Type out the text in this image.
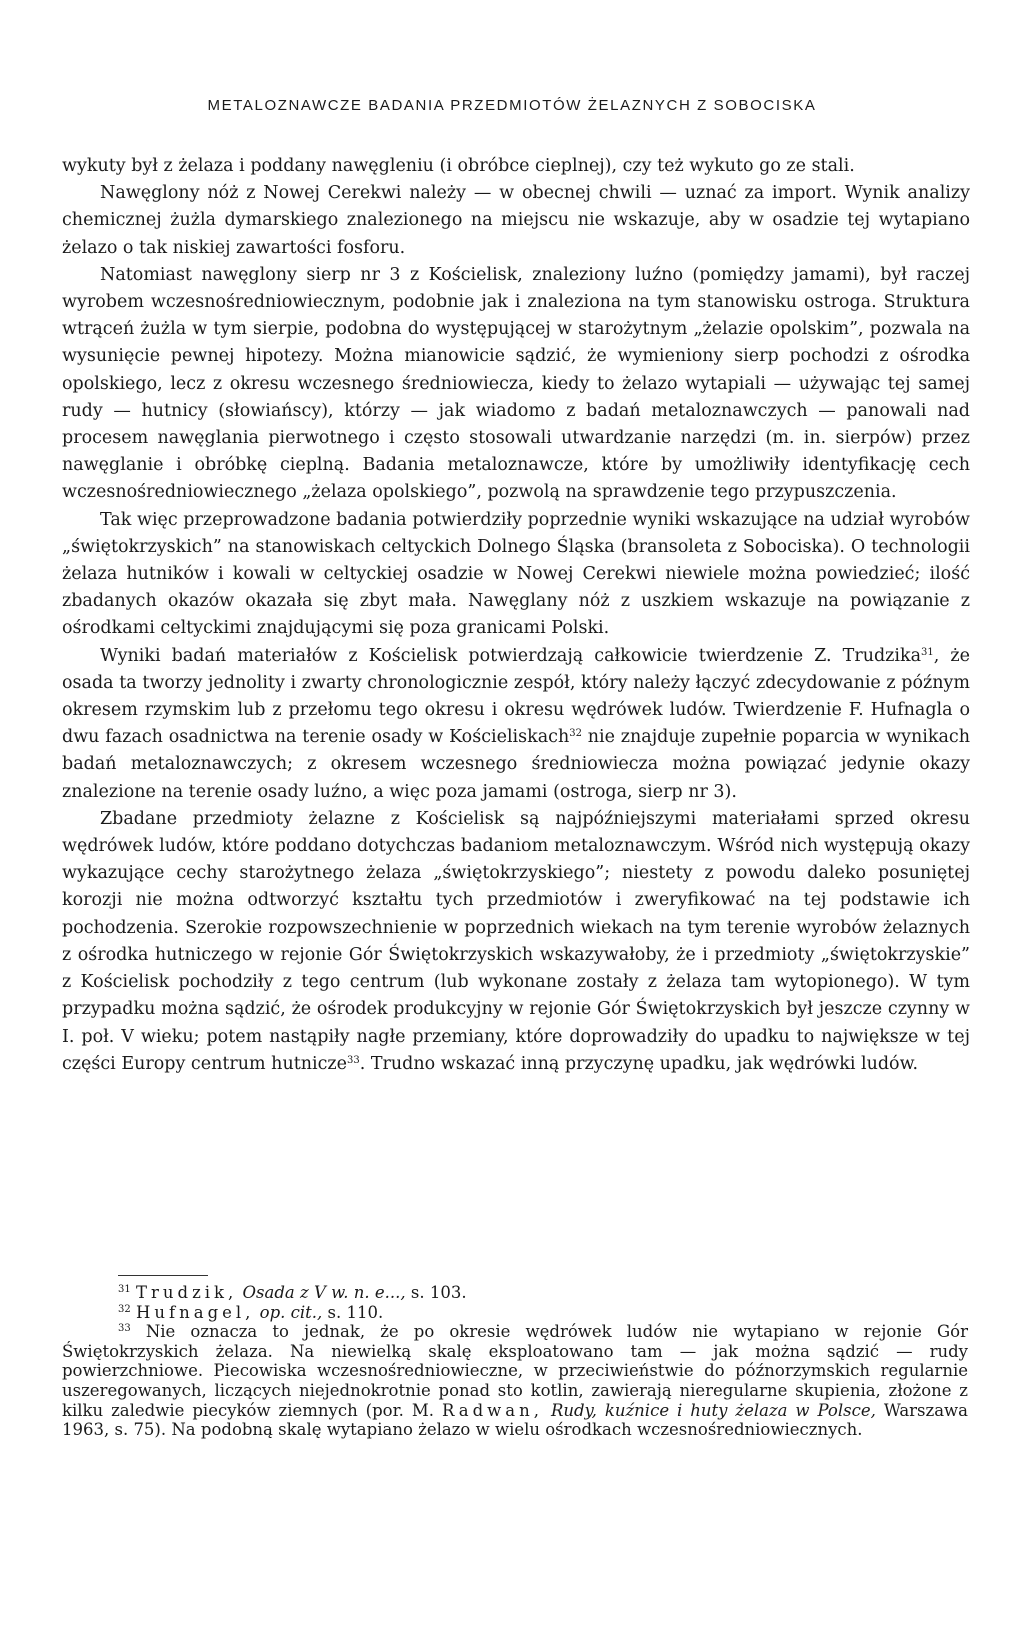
METALOZNAWCZE BADANIA PRZEDMIOTÓW ŻELAZNYCH Z SOBOCISKA

wykuty był z żelaza i poddany nawęgleniu (i obróbce cieplnej), czy też wykuto go ze stali.

Nawęglony nóż z Nowej Cerekwi należy — w obecnej chwili — uznać za import. Wynik analizy chemicznej żużla dymarskiego znalezionego na miejscu nie wskazuje, aby w osadzie tej wytapiano żelazo o tak niskiej zawartości fosforu.

Natomiast nawęglony sierp nr 3 z Kościelisk, znaleziony luźno (pomiędzy jamami), był raczej wyrobem wczesnośredniowiecznym, podobnie jak i znaleziona na tym stanowisku ostroga. Struktura wtrąceń żużla w tym sierpie, podobna do występującej w starożytnym „żelazie opolskim”, pozwala na wysunięcie pewnej hipotezy. Można mianowicie sądzić, że wymieniony sierp pochodzi z ośrodka opolskiego, lecz z okresu wczesnego średniowiecza, kiedy to żelazo wytapiali — używając tej samej rudy — hutnicy (słowiańscy), którzy — jak wiadomo z badań metaloznawczych — panowali nad procesem nawęglania pierwotnego i często stosowali utwardzanie narzędzi (m. in. sierpów) przez nawęglanie i obróbkę cieplną. Badania metaloznawcze, które by umożliwiły identyfikację cech wczesnośredniowiecznego „żelaza opolskiego”, pozwolą na sprawdzenie tego przypuszczenia.

Tak więc przeprowadzone badania potwierdziły poprzednie wyniki wskazujące na udział wyrobów „świętokrzyskich” na stanowiskach celtyckich Dolnego Śląska (bransoleta z Sobociska). O technologii żelaza hutników i kowali w celtyckiej osadzie w Nowej Cerekwi niewiele można powiedzieć; ilość zbadanych okazów okazała się zbyt mała. Nawęglany nóż z uszkiem wskazuje na powiązanie z ośrodkami celtyckimi znajdującymi się poza granicami Polski.

Wyniki badań materiałów z Kościelisk potwierdzają całkowicie twierdzenie Z. Trudzika$^{31}$, że osada ta tworzy jednolity i zwarty chronologicznie zespół, który należy łączyć zdecydowanie z późnym okresem rzymskim lub z przełomu tego okresu i okresu wędrówek ludów. Twierdzenie F. Hufnagla o dwu fazach osadnictwa na terenie osady w Kościeliskach$^{32}$ nie znajduje zupełnie poparcia w wynikach badań metaloznawczych; z okresem wczesnego średniowiecza można powiązać jedynie okazy znalezione na terenie osady luźno, a więc poza jamami (ostroga, sierp nr 3).

Zbadane przedmioty żelazne z Kościelisk są najpóźniejszymi materiałami sprzed okresu wędrówek ludów, które poddano dotychczas badaniom metaloznawczym. Wśród nich występują okazy wykazujące cechy starożytnego żelaza „świętokrzyskiego”; niestety z powodu daleko posuniętej korozji nie można odtworzyć kształtu tych przedmiotów i zweryfikować na tej podstawie ich pochodzenia. Szerokie rozpowszechnienie w poprzednich wiekach na tym terenie wyrobów żelaznych z ośrodka hutniczego w rejonie Gór Świętokrzyskich wskazywałoby, że i przedmioty „świętokrzyskie” z Kościelisk pochodziły z tego centrum (lub wykonane zostały z żelaza tam wytopionego). W tym przypadku można sądzić, że ośrodek produkcyjny w rejonie Gór Świętokrzyskich był jeszcze czynny w I. poł. V wieku; potem nastąpiły nagłe przemiany, które doprowadziły do upadku to największe w tej części Europy centrum hutnicze$^{33}$. Trudno wskazać inną przyczynę upadku, jak wędrówki ludów.

$^{31}$ Trudzik, Osada z V w. n. e..., s. 103.

$^{32}$ Hufnagel, op. cit., s. 110.

$^{33}$ Nie oznacza to jednak, że po okresie wędrówek ludów nie wytapiano w rejonie Gór Świętokrzyskich żelaza. Na niewielką skalę eksploatowano tam — jak można sądzić — rudy powierzchniowe. Piecowiska wczesnośredniowieczne, w przeciwieństwie do późnorzymskich regularnie uszeregowanych, liczących niejednokrotnie ponad sto kotlin, zawierają nieregularne skupienia, złożone z kilku zaledwie piecyków ziemnych (por. M. Radwan, Rudy, kuźnice i huty żelaza w Polsce, Warszawa 1963, s. 75). Na podobną skalę wytapiano żelazo w wielu ośrodkach wczesnośredniowiecznych.
